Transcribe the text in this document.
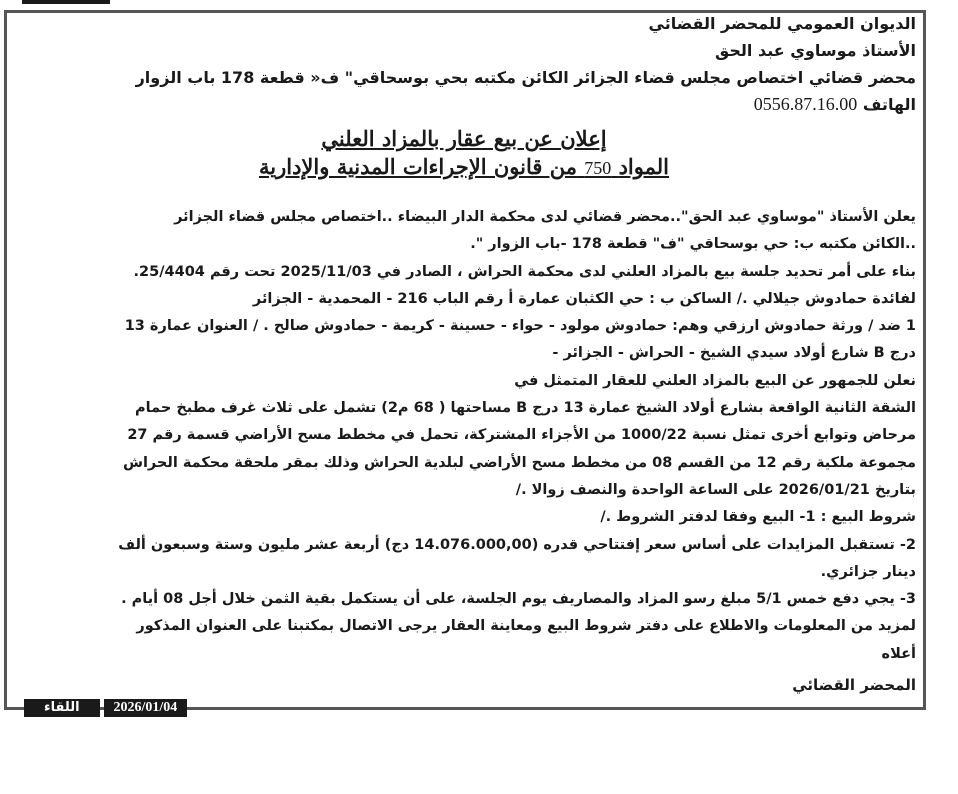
الديوان العمومي للمحضر القضائي
الأستاذ موساوي عبد الحق
محضر قضائي اختصاص مجلس قضاء الجزائر الكائن مكتبه بحي بوسحاقي" ف« قطعة 178 باب الزوار
الهاتف 0556.87.16.00
إعلان عن بيع عقار بالمزاد العلني
المواد 750 من قانون الإجراءات المدنية والإدارية
يعلن الأستاذ "موساوي عبد الحق"..محضر قضائي لدى محكمة الدار البيضاء ..اختصاص مجلس قضاء الجزائر
..الكائن مكتبه ب: حي بوسحاقي "ف" قطعة 178 -باب الزوار ".
بناء على أمر تحديد جلسة بيع بالمزاد العلني لدى محكمة الحراش ، الصادر في 2025/11/03 تحت رقم 25/4404.
لفائدة حمادوش جيلالي ./ الساكن ب : حي الكثبان عمارة أ رقم الباب 216 - المحمدية - الجزائر
1 ضد / ورثة حمادوش ارزقي وهم: حمادوش مولود - حواء - حسينة - كريمة - حمادوش صالح . / العنوان عمارة 13
درج B شارع أولاد سيدي الشيخ - الحراش - الجزائر -
نعلن للجمهور عن البيع بالمزاد العلني للعقار المتمثل في
الشقة الثانية الواقعة بشارع أولاد الشيخ عمارة 13 درج B مساحتها ( 68 م2) تشمل على ثلاث غرف مطبخ حمام
مرحاض وتوابع أخرى تمثل نسبة 1000/22 من الأجزاء المشتركة، تحمل في مخطط مسح الأراضي قسمة رقم 27
مجموعة ملكية رقم 12 من القسم 08 من مخطط مسح الأراضي لبلدية الحراش وذلك بمقر ملحقة محكمة الحراش
بتاريخ 2026/01/21 على الساعة الواحدة والنصف زوالا ./
شروط البيع : 1- البيع وفقا لدفتر الشروط ./
2- تستقبل المزايدات على أساس سعر إفتتاحي قدره (14.076.000,00 دج) أربعة عشر مليون وستة وسبعون ألف
دينار جزائري.
3- يجي دفع خمس 5/1 مبلغ رسو المزاد والمصاريف يوم الجلسة، على أن يستكمل بقية الثمن خلال أجل 08 أيام .
لمزيد من المعلومات والاطلاع على دفتر شروط البيع ومعاينة العقار يرجى الاتصال بمكتبنا على العنوان المذكور
أعلاه
المحضر القضائي
اللقاء	2026/01/04
